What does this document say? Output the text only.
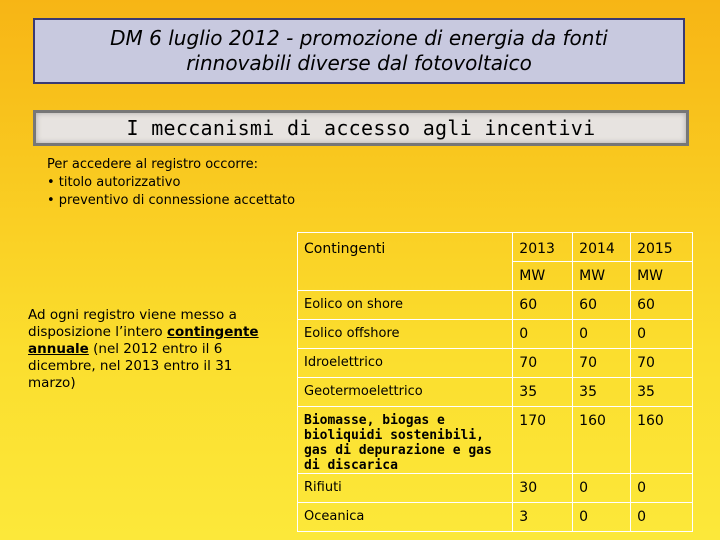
DM 6 luglio 2012 - promozione di energia da fonti
rinnovabili diverse dal fotovoltaico
I meccanismi di accesso agli incentivi
Per accedere al registro occorre:
• titolo autorizzativo
• preventivo di connessione accettato
Ad ogni registro viene messo a disposizione l’intero contingente annuale (nel 2012 entro il 6 dicembre, nel 2013 entro il 31 marzo)
Contingenti	2013	2014	2015
	MW	MW	MW
Eolico on shore	60	60	60
Eolico offshore	0	0	0
Idroelettrico	70	70	70
Geotermoelettrico	35	35	35
Biomasse, biogas e bioliquidi sostenibili, gas di depurazione e gas di discarica	170	160	160
Rifiuti	30	0	0
Oceanica	3	0	0
